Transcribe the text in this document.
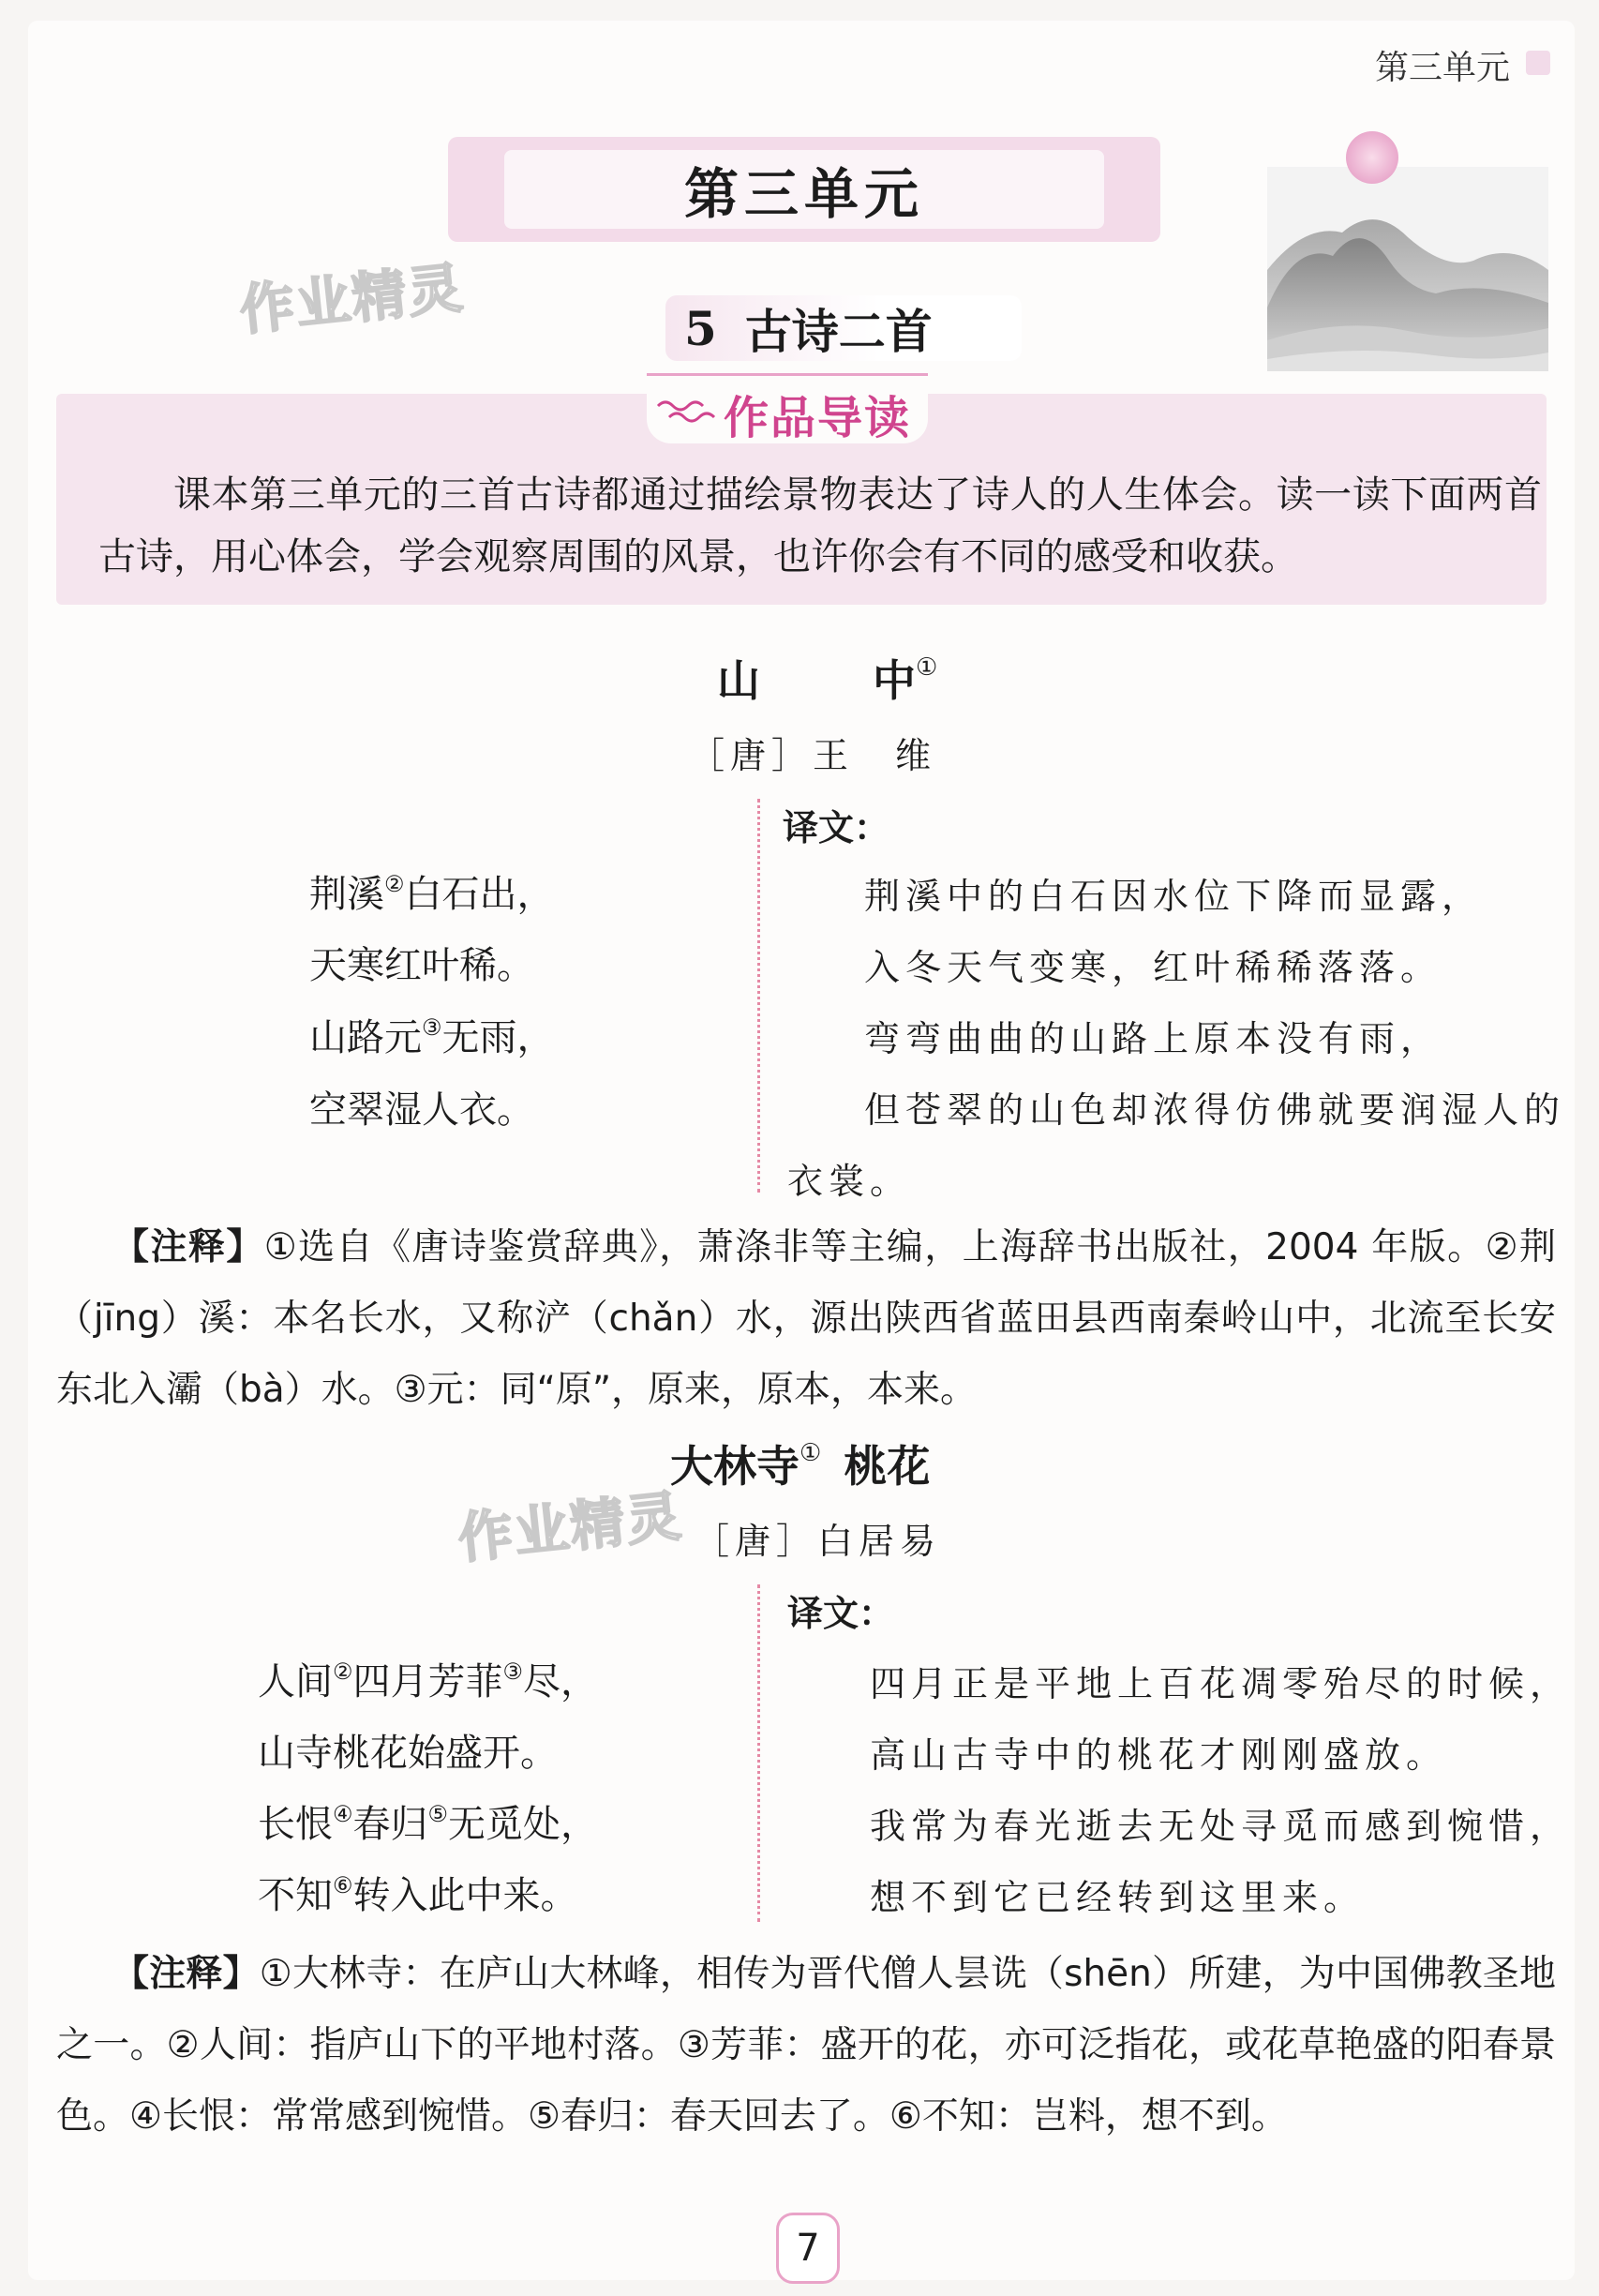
第三单元
第三单元
作业精灵
作业精灵
5 古诗二首
作品导读
课本第三单元的三首古诗都通过描绘景物表达了诗人的人生体会。读一读下面两首古诗，用心体会，学会观察周围的风景，也许你会有不同的感受和收获。
山	中①
［唐］王　维
译文：
荆溪②白石出，
天寒红叶稀。
山路元③无雨，
空翠湿人衣。
荆溪中的白石因水位下降而显露，
入冬天气变寒，红叶稀稀落落。
弯弯曲曲的山路上原本没有雨，
但苍翠的山色却浓得仿佛就要润湿人的
衣裳。
【注释】①选自《唐诗鉴赏辞典》，萧涤非等主编，上海辞书出版社，2004 年版。②荆（jīng）溪：本名长水，又称浐（chǎn）水，源出陕西省蓝田县西南秦岭山中，北流至长安东北入灞（bà）水。③元：同“原”，原来，原本，本来。
大林寺① 桃花
［唐］白居易
译文：
人间②四月芳菲③尽，
山寺桃花始盛开。
长恨④春归⑤无觅处，
不知⑥转入此中来。
四月正是平地上百花凋零殆尽的时候，
高山古寺中的桃花才刚刚盛放。
我常为春光逝去无处寻觅而感到惋惜，
想不到它已经转到这里来。
【注释】①大林寺：在庐山大林峰，相传为晋代僧人昙诜（shēn）所建，为中国佛教圣地之一。②人间：指庐山下的平地村落。③芳菲：盛开的花，亦可泛指花，或花草艳盛的阳春景色。④长恨：常常感到惋惜。⑤春归：春天回去了。⑥不知：岂料，想不到。
7
